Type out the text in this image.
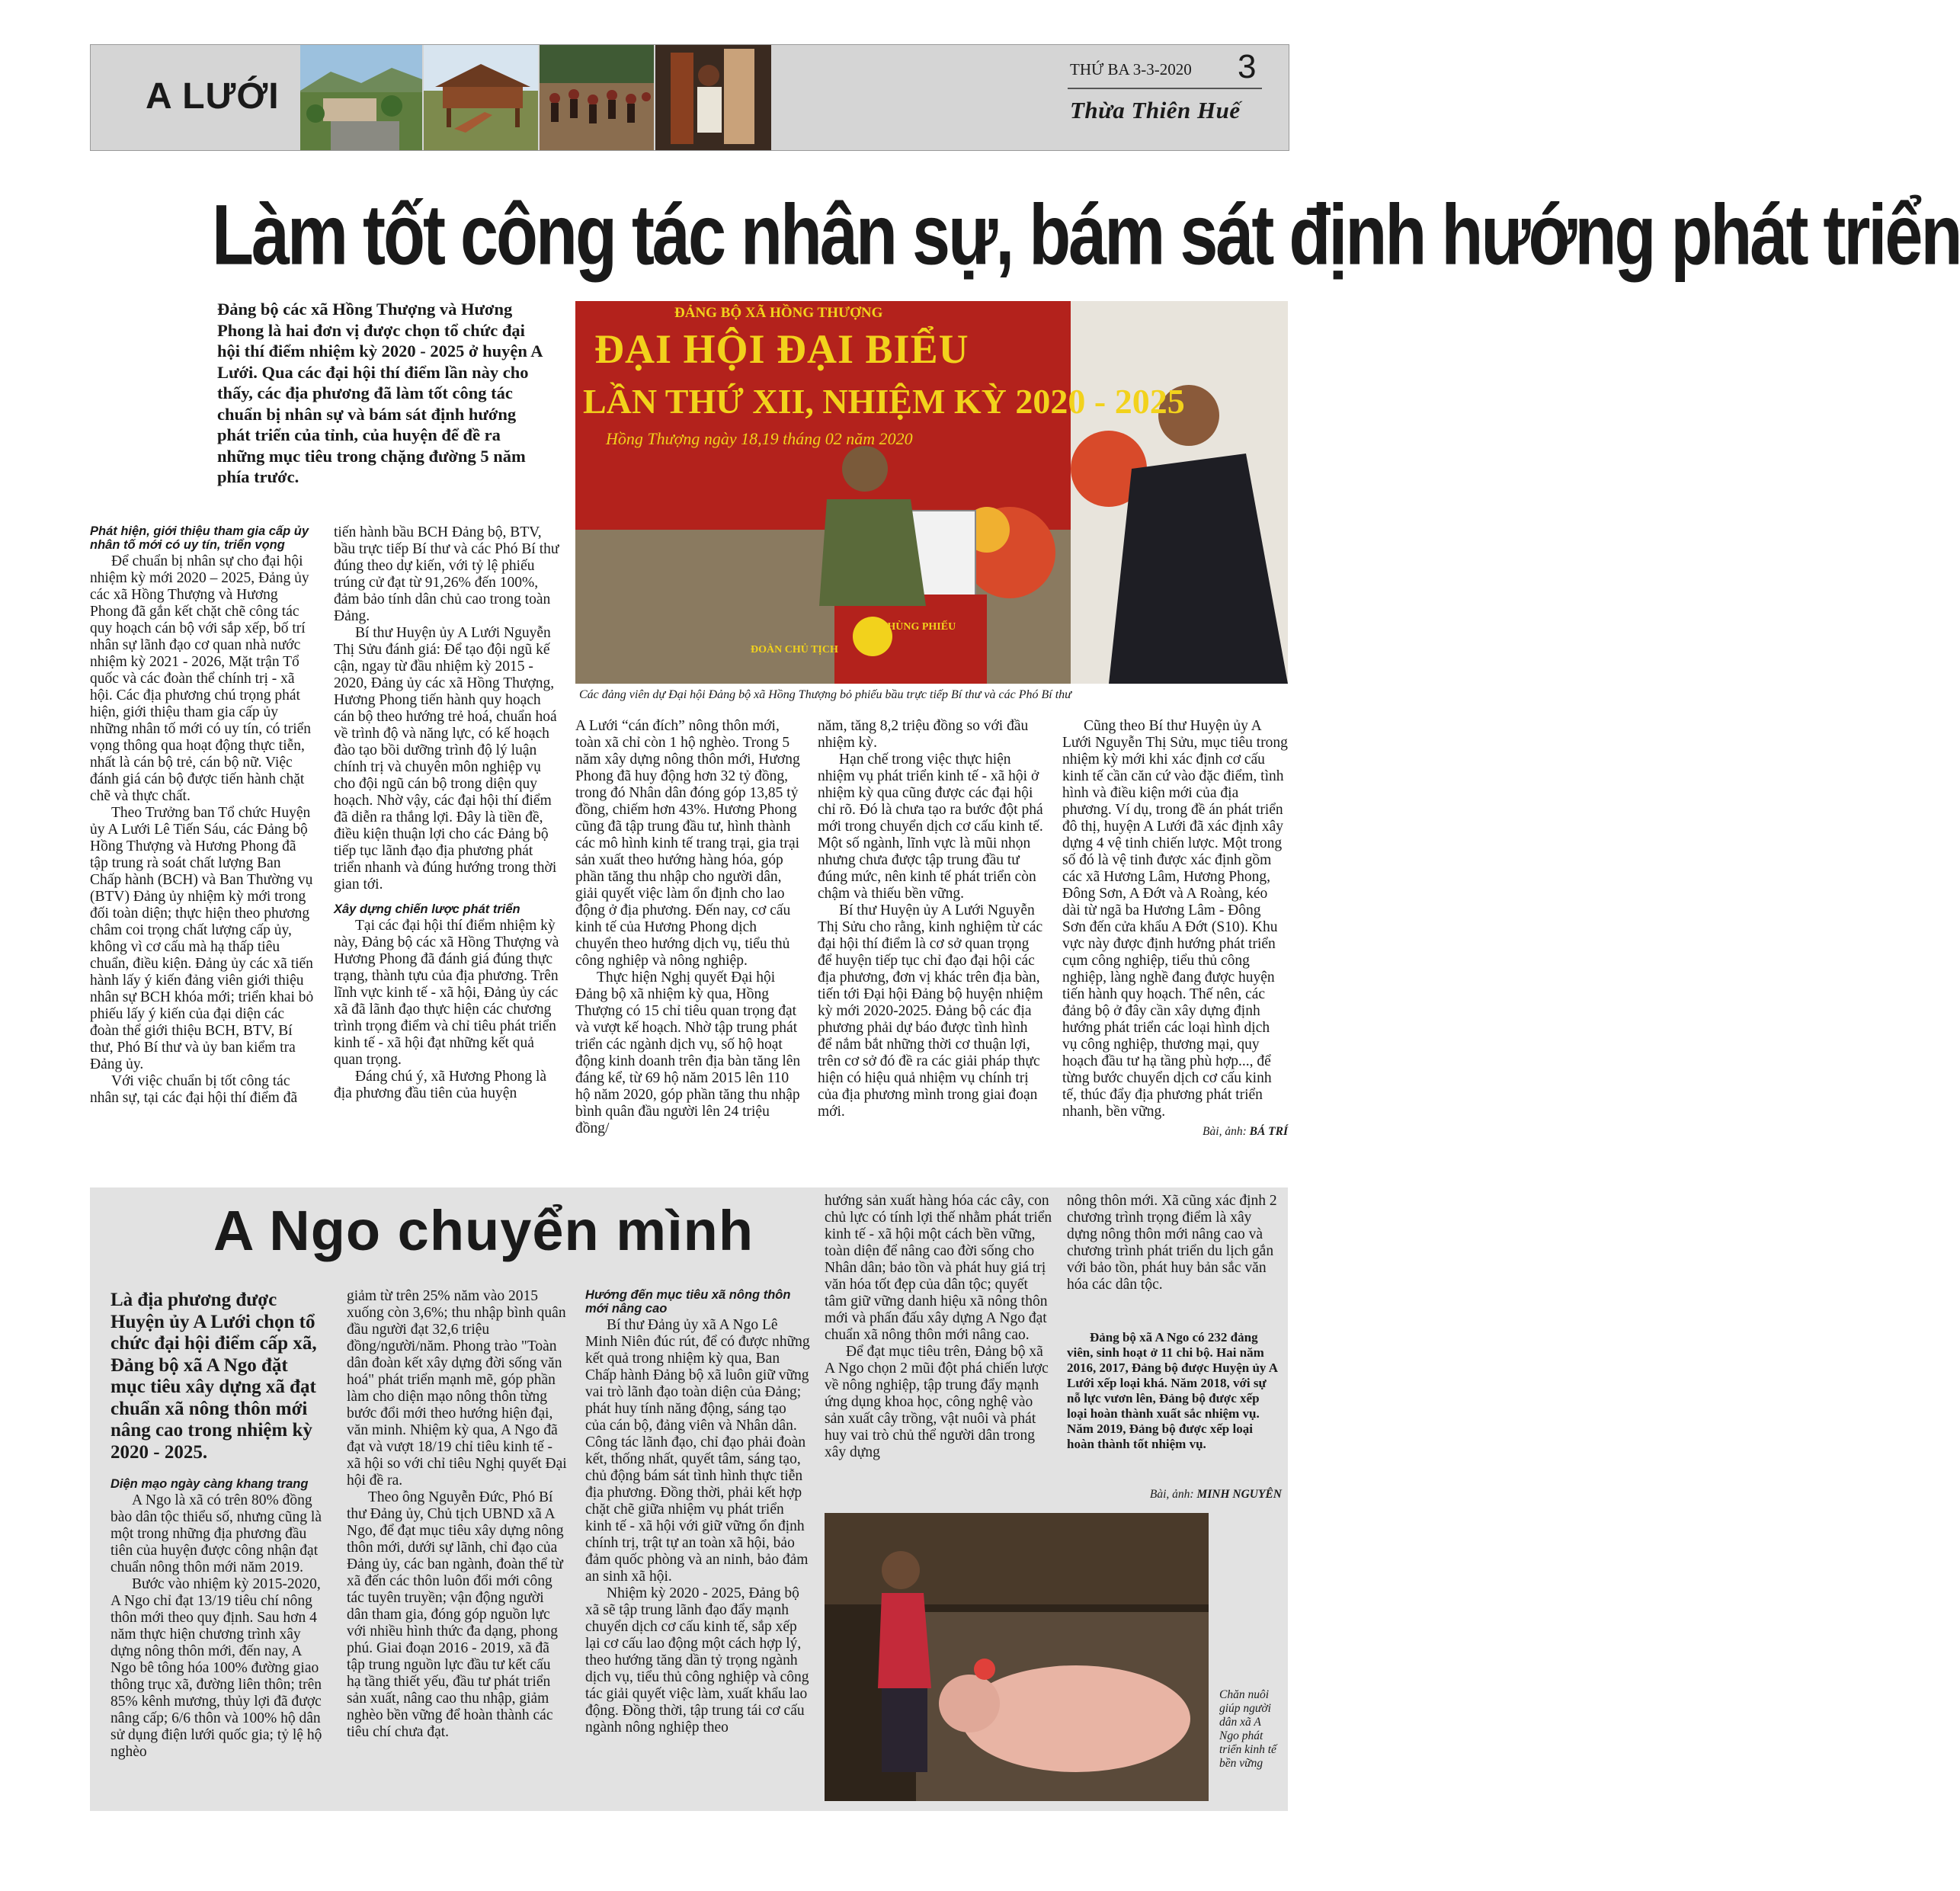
A LƯỚI
THỨ BA 3-3-2020 3
Thừa Thiên Huế
Làm tốt công tác nhân sự, bám sát định hướng phát triển
Đảng bộ các xã Hồng Thượng và Hương Phong là hai đơn vị được chọn tổ chức đại hội thí điểm nhiệm kỳ 2020 - 2025 ở huyện A Lưới. Qua các đại hội thí điểm lần này cho thấy, các địa phương đã làm tốt công tác chuẩn bị nhân sự và bám sát định hướng phát triển của tỉnh, của huyện để đề ra những mục tiêu trong chặng đường 5 năm phía trước.
ĐẢNG BỘ XÃ HỒNG THƯỢNG
ĐẠI HỘI ĐẠI BIỂU
LẦN THỨ XII, NHIỆM KỲ 2020 - 2025
Hồng Thượng ngày 18,19 tháng 02 năm 2020
THÙNG PHIẾU
ĐOÀN CHỦ TỊCH
Các đảng viên dự Đại hội Đảng bộ xã Hồng Thượng bỏ phiếu bầu trực tiếp Bí thư và các Phó Bí thư
Phát hiện, giới thiệu tham gia cấp ủy nhân tố mới có uy tín, triển vọng

Để chuẩn bị nhân sự cho đại hội nhiệm kỳ mới 2020 – 2025, Đảng ủy các xã Hồng Thượng và Hương Phong đã gắn kết chặt chẽ công tác quy hoạch cán bộ với sắp xếp, bố trí nhân sự lãnh đạo cơ quan nhà nước nhiệm kỳ 2021 - 2026, Mặt trận Tổ quốc và các đoàn thể chính trị - xã hội. Các địa phương chú trọng phát hiện, giới thiệu tham gia cấp ủy những nhân tố mới có uy tín, có triển vọng thông qua hoạt động thực tiễn, nhất là cán bộ trẻ, cán bộ nữ. Việc đánh giá cán bộ được tiến hành chặt chẽ và thực chất.

Theo Trưởng ban Tổ chức Huyện ủy A Lưới Lê Tiến Sáu, các Đảng bộ Hồng Thượng và Hương Phong đã tập trung rà soát chất lượng Ban Chấp hành (BCH) và Ban Thường vụ (BTV) Đảng ủy nhiệm kỳ mới trong đối toàn diện; thực hiện theo phương châm coi trọng chất lượng cấp ủy, không vì cơ cấu mà hạ thấp tiêu chuẩn, điều kiện. Đảng ủy các xã tiến hành lấy ý kiến đảng viên giới thiệu nhân sự BCH khóa mới; triển khai bỏ phiếu lấy ý kiến của đại diện các đoàn thể giới thiệu BCH, BTV, Bí thư, Phó Bí thư và ủy ban kiểm tra Đảng ủy.

Với việc chuẩn bị tốt công tác nhân sự, tại các đại hội thí điểm đã

tiến hành bầu BCH Đảng bộ, BTV, bầu trực tiếp Bí thư và các Phó Bí thư đúng theo dự kiến, với tỷ lệ phiếu trúng cử đạt từ 91,26% đến 100%, đảm bảo tính dân chủ cao trong toàn Đảng.

Bí thư Huyện ủy A Lưới Nguyễn Thị Sửu đánh giá: Để tạo đội ngũ kế cận, ngay từ đầu nhiệm kỳ 2015 - 2020, Đảng ủy các xã Hồng Thượng, Hương Phong tiến hành quy hoạch cán bộ theo hướng trẻ hoá, chuẩn hoá về trình độ và năng lực, có kế hoạch đào tạo bồi dưỡng trình độ lý luận chính trị và chuyên môn nghiệp vụ cho đội ngũ cán bộ trong diện quy hoạch. Nhờ vậy, các đại hội thí điểm đã diễn ra thắng lợi. Đây là tiền đề, điều kiện thuận lợi cho các Đảng bộ tiếp tục lãnh đạo địa phương phát triển nhanh và đúng hướng trong thời gian tới.

Xây dựng chiến lược phát triển

Tại các đại hội thí điểm nhiệm kỳ này, Đảng bộ các xã Hồng Thượng và Hương Phong đã đánh giá đúng thực trạng, thành tựu của địa phương. Trên lĩnh vực kinh tế - xã hội, Đảng ủy các xã đã lãnh đạo thực hiện các chương trình trọng điểm và chỉ tiêu phát triển kinh tế - xã hội đạt những kết quả quan trọng.

Đáng chú ý, xã Hương Phong là địa phương đầu tiên của huyện

A Lưới “cán đích” nông thôn mới, toàn xã chỉ còn 1 hộ nghèo. Trong 5 năm xây dựng nông thôn mới, Hương Phong đã huy động hơn 32 tỷ đồng, trong đó Nhân dân đóng góp 13,85 tỷ đồng, chiếm hơn 43%. Hương Phong cũng đã tập trung đầu tư, hình thành các mô hình kinh tế trang trại, gia trại sản xuất theo hướng hàng hóa, góp phần tăng thu nhập cho người dân, giải quyết việc làm ổn định cho lao động ở địa phương. Đến nay, cơ cấu kinh tế của Hương Phong dịch chuyển theo hướng dịch vụ, tiểu thủ công nghiệp và nông nghiệp.

Thực hiện Nghị quyết Đại hội Đảng bộ xã nhiệm kỳ qua, Hồng Thượng có 15 chỉ tiêu quan trọng đạt và vượt kế hoạch. Nhờ tập trung phát triển các ngành dịch vụ, số hộ hoạt động kinh doanh trên địa bàn tăng lên đáng kể, từ 69 hộ năm 2015 lên 110 hộ năm 2020, góp phần tăng thu nhập bình quân đầu người lên 24 triệu đồng/

năm, tăng 8,2 triệu đồng so với đầu nhiệm kỳ.

Hạn chế trong việc thực hiện nhiệm vụ phát triển kinh tế - xã hội ở nhiệm kỳ qua cũng được các đại hội chỉ rõ. Đó là chưa tạo ra bước đột phá mới trong chuyển dịch cơ cấu kinh tế. Một số ngành, lĩnh vực là mũi nhọn nhưng chưa được tập trung đầu tư đúng mức, nên kinh tế phát triển còn chậm và thiếu bền vững.

Bí thư Huyện ủy A Lưới Nguyễn Thị Sửu cho rằng, kinh nghiệm từ các đại hội thí điểm là cơ sở quan trọng để huyện tiếp tục chỉ đạo đại hội các địa phương, đơn vị khác trên địa bàn, tiến tới Đại hội Đảng bộ huyện nhiệm kỳ mới 2020-2025. Đảng bộ các địa phương phải dự báo được tình hình để nắm bắt những thời cơ thuận lợi, trên cơ sở đó đề ra các giải pháp thực hiện có hiệu quả nhiệm vụ chính trị của địa phương mình trong giai đoạn mới.

Cũng theo Bí thư Huyện ủy A Lưới Nguyễn Thị Sửu, mục tiêu trong nhiệm kỳ mới khi xác định cơ cấu kinh tế cần căn cứ vào đặc điểm, tình hình và điều kiện mới của địa phương. Ví dụ, trong đề án phát triển đô thị, huyện A Lưới đã xác định xây dựng 4 vệ tinh chiến lược. Một trong số đó là vệ tinh được xác định gồm các xã Hương Lâm, Hương Phong, Đông Sơn, A Đớt và A Roàng, kéo dài từ ngã ba Hương Lâm - Đông Sơn đến cửa khẩu A Đớt (S10). Khu vực này được định hướng phát triển cụm công nghiệp, tiểu thủ công nghiệp, làng nghề đang được huyện tiến hành quy hoạch. Thế nên, các đảng bộ ở đây cần xây dựng định hướng phát triển các loại hình dịch vụ công nghiệp, thương mại, quy hoạch đầu tư hạ tầng phù hợp..., để từng bước chuyển dịch cơ cấu kinh tế, thúc đẩy địa phương phát triển nhanh, bền vững.

Bài, ảnh: BÁ TRÍ
A Ngo chuyển mình
Là địa phương được Huyện ủy A Lưới chọn tổ chức đại hội điểm cấp xã, Đảng bộ xã A Ngo đặt mục tiêu xây dựng xã đạt chuẩn xã nông thôn mới nâng cao trong nhiệm kỳ 2020 - 2025.
Diện mạo ngày càng khang trang

A Ngo là xã có trên 80% đồng bào dân tộc thiểu số, nhưng cũng là một trong những địa phương đầu tiên của huyện được công nhận đạt chuẩn nông thôn mới năm 2019.

Bước vào nhiệm kỳ 2015-2020, A Ngo chỉ đạt 13/19 tiêu chí nông thôn mới theo quy định. Sau hơn 4 năm thực hiện chương trình xây dựng nông thôn mới, đến nay, A Ngo bê tông hóa 100% đường giao thông trục xã, đường liên thôn; trên 85% kênh mương, thủy lợi đã được nâng cấp; 6/6 thôn và 100% hộ dân sử dụng điện lưới quốc gia; tỷ lệ hộ nghèo

giảm từ trên 25% năm vào 2015 xuống còn 3,6%; thu nhập bình quân đầu người đạt 32,6 triệu đồng/người/năm. Phong trào "Toàn dân đoàn kết xây dựng đời sống văn hoá" phát triển mạnh mẽ, góp phần làm cho diện mạo nông thôn từng bước đổi mới theo hướng hiện đại, văn minh. Nhiệm kỳ qua, A Ngo đã đạt và vượt 18/19 chỉ tiêu kinh tế - xã hội so với chỉ tiêu Nghị quyết Đại hội đề ra.

Theo ông Nguyễn Đức, Phó Bí thư Đảng ủy, Chủ tịch UBND xã A Ngo, để đạt mục tiêu xây dựng nông thôn mới, dưới sự lãnh, chỉ đạo của Đảng ủy, các ban ngành, đoàn thể từ xã đến các thôn luôn đổi mới công tác tuyên truyền; vận động người dân tham gia, đóng góp nguồn lực với nhiều hình thức đa dạng, phong phú. Giai đoạn 2016 - 2019, xã đã tập trung nguồn lực đầu tư kết cấu hạ tầng thiết yếu, đầu tư phát triển sản xuất, nâng cao thu nhập, giảm nghèo bền vững để hoàn thành các tiêu chí chưa đạt.

Hướng đến mục tiêu xã nông thôn mới nâng cao

Bí thư Đảng ủy xã A Ngo Lê Minh Niên đúc rút, để có được những kết quả trong nhiệm kỳ qua, Ban Chấp hành Đảng bộ xã luôn giữ vững vai trò lãnh đạo toàn diện của Đảng; phát huy tính năng động, sáng tạo của cán bộ, đảng viên và Nhân dân. Công tác lãnh đạo, chỉ đạo phải đoàn kết, thống nhất, quyết tâm, sáng tạo, chủ động bám sát tình hình thực tiễn địa phương. Đồng thời, phải kết hợp chặt chẽ giữa nhiệm vụ phát triển kinh tế - xã hội với giữ vững ổn định chính trị, trật tự an toàn xã hội, bảo đảm quốc phòng và an ninh, bảo đảm an sinh xã hội.

Nhiệm kỳ 2020 - 2025, Đảng bộ xã sẽ tập trung lãnh đạo đẩy mạnh chuyển dịch cơ cấu kinh tế, sắp xếp lại cơ cấu lao động một cách hợp lý, theo hướng tăng dần tỷ trọng ngành dịch vụ, tiểu thủ công nghiệp và công tác giải quyết việc làm, xuất khẩu lao động. Đồng thời, tập trung tái cơ cấu ngành nông nghiệp theo

hướng sản xuất hàng hóa các cây, con chủ lực có tính lợi thế nhằm phát triển kinh tế - xã hội một cách bền vững, toàn diện để nâng cao đời sống cho Nhân dân; bảo tồn và phát huy giá trị văn hóa tốt đẹp của dân tộc; quyết tâm giữ vững danh hiệu xã nông thôn mới và phấn đấu xây dựng A Ngo đạt chuẩn xã nông thôn mới nâng cao.

Để đạt mục tiêu trên, Đảng bộ xã A Ngo chọn 2 mũi đột phá chiến lược về nông nghiệp, tập trung đẩy mạnh ứng dụng khoa học, công nghệ vào sản xuất cây trồng, vật nuôi và phát huy vai trò chủ thể người dân trong xây dựng

nông thôn mới. Xã cũng xác định 2 chương trình trọng điểm là xây dựng nông thôn mới nâng cao và chương trình phát triển du lịch gắn với bảo tồn, phát huy bản sắc văn hóa các dân tộc.

Đảng bộ xã A Ngo có 232 đảng viên, sinh hoạt ở 11 chi bộ. Hai năm 2016, 2017, Đảng bộ được Huyện ủy A Lưới xếp loại khá. Năm 2018, với sự nỗ lực vươn lên, Đảng bộ được xếp loại hoàn thành xuất sắc nhiệm vụ. Năm 2019, Đảng bộ được xếp loại hoàn thành tốt nhiệm vụ.
Bài, ảnh: MINH NGUYÊN
Chăn nuôi giúp người dân xã A Ngo phát triển kinh tế bền vững
